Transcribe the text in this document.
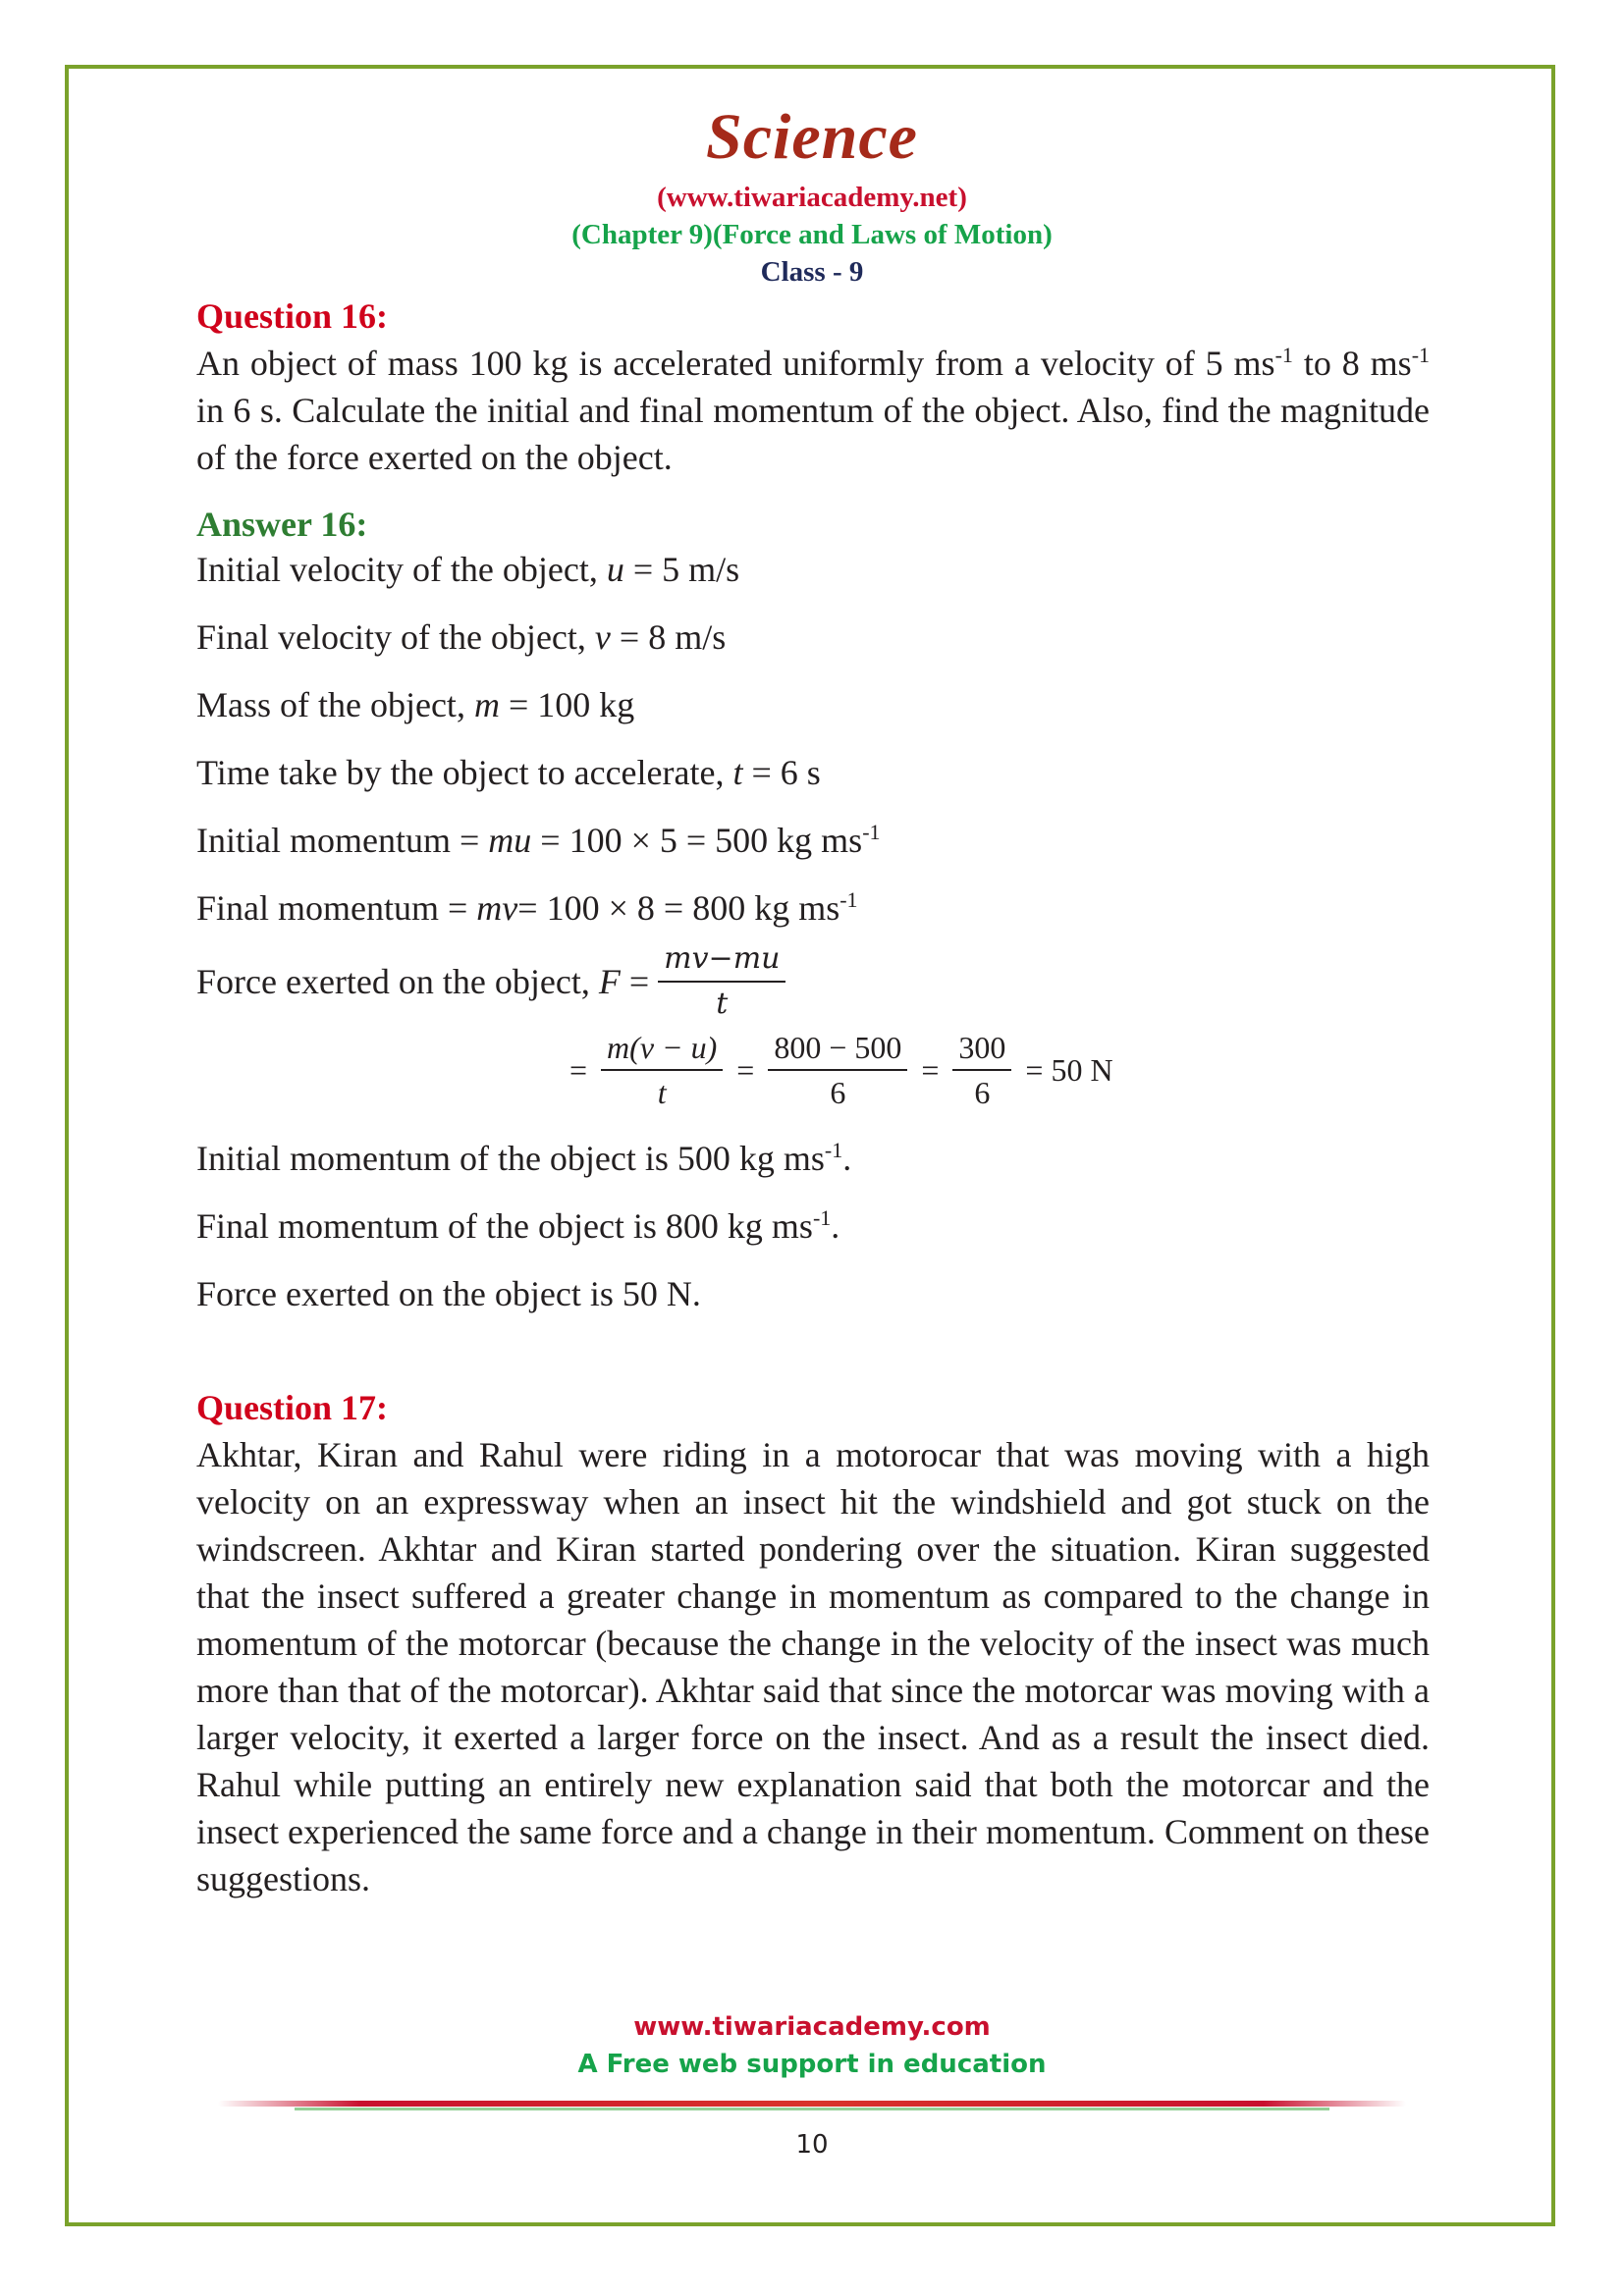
Science
(www.tiwariacademy.net)
(Chapter 9)(Force and Laws of Motion)
Class - 9
Question 16:
An object of mass 100 kg is accelerated uniformly from a velocity of 5 $ms^{-1}$ to 8 $ms^{-1}$ in 6 s. Calculate the initial and final momentum of the object. Also, find the magnitude of the force exerted on the object.
Answer 16:
Initial velocity of the object, u = 5 m/s
Final velocity of the object, v = 8 m/s
Mass of the object, m = 100 kg
Time take by the object to accelerate, t = 6 s
Initial momentum = mu = 100 × 5 = 500 kg $ms^{-1}$
Final momentum = mv= 100 × 8 = 800 kg $ms^{-1}$
Force exerted on the object, $F = \frac{mv-mu}{t}$
= $\frac{m(v - u)}{t} = \frac{800 - 500}{6} = \frac{300}{6} = 50$ N
Initial momentum of the object is 500 kg $ms^{-1}$.
Final momentum of the object is 800 kg $ms^{-1}$.
Force exerted on the object is 50 N.
Question 17:
Akhtar, Kiran and Rahul were riding in a motorocar that was moving with a high velocity on an expressway when an insect hit the windshield and got stuck on the windscreen. Akhtar and Kiran started pondering over the situation. Kiran suggested that the insect suffered a greater change in momentum as compared to the change in momentum of the motorcar (because the change in the velocity of the insect was much more than that of the motorcar). Akhtar said that since the motorcar was moving with a larger velocity, it exerted a larger force on the insect. And as a result the insect died. Rahul while putting an entirely new explanation said that both the motorcar and the insect experienced the same force and a change in their momentum. Comment on these suggestions.
www.tiwariacademy.com
A Free web support in education
10
